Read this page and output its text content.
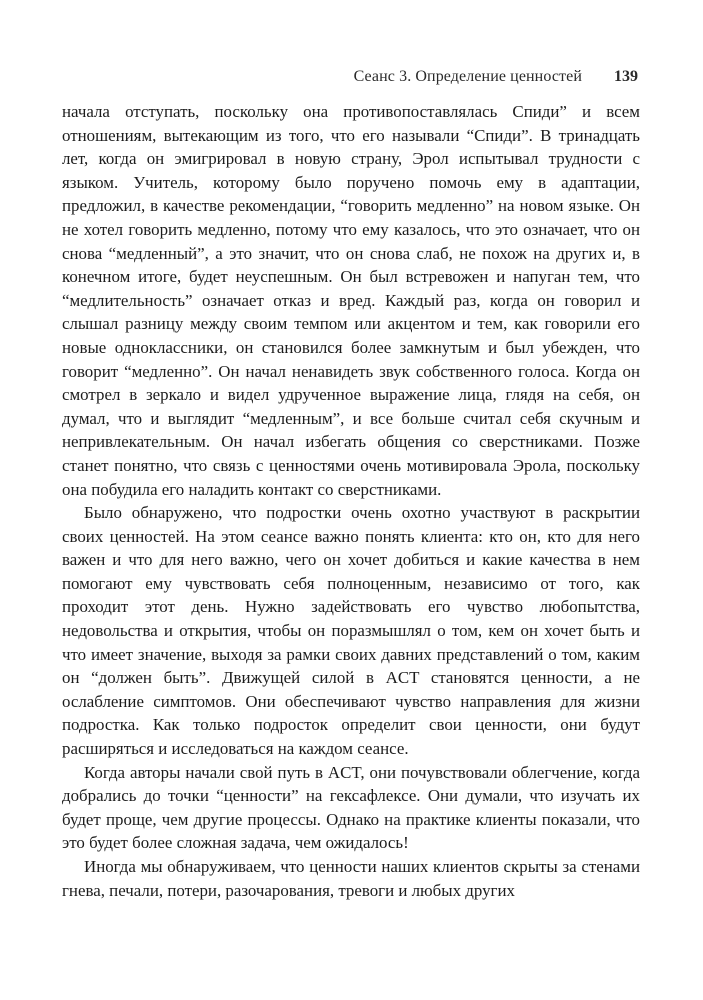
Сеанс 3. Определение ценностей 139

начала отступать, поскольку она противопоставлялась Спиди” и всем отношениям, вытекающим из того, что его называли “Спиди”. В тринадцать лет, когда он эмигрировал в новую страну, Эрол испытывал трудности с языком. Учитель, которому было поручено помочь ему в адаптации, предложил, в качестве рекомендации, “говорить медленно” на новом языке. Он не хотел говорить медленно, потому что ему казалось, что это означает, что он снова “медленный”, а это значит, что он снова слаб, не похож на других и, в конечном итоге, будет неуспешным. Он был встревожен и напуган тем, что “медлительность” означает отказ и вред. Каждый раз, когда он говорил и слышал разницу между своим темпом или акцентом и тем, как говорили его новые одноклассники, он становился более замкнутым и был убежден, что говорит “медленно”. Он начал ненавидеть звук собственного голоса. Когда он смотрел в зеркало и видел удрученное выражение лица, глядя на себя, он думал, что и выглядит “медленным”, и все больше считал себя скучным и непривлекательным. Он начал избегать общения со сверстниками. Позже станет понятно, что связь с ценностями очень мотивировала Эрола, поскольку она побудила его наладить контакт со сверстниками.

Было обнаружено, что подростки очень охотно участвуют в раскрытии своих ценностей. На этом сеансе важно понять клиента: кто он, кто для него важен и что для него важно, чего он хочет добиться и какие качества в нем помогают ему чувствовать себя полноценным, независимо от того, как проходит этот день. Нужно задействовать его чувство любопытства, недовольства и открытия, чтобы он поразмышлял о том, кем он хочет быть и что имеет значение, выходя за рамки своих давних представлений о том, каким он “должен быть”. Движущей силой в ACT становятся ценности, а не ослабление симптомов. Они обеспечивают чувство направления для жизни подростка. Как только подросток определит свои ценности, они будут расширяться и исследоваться на каждом сеансе.

Когда авторы начали свой путь в ACT, они почувствовали облегчение, когда добрались до точки “ценности” на гексафлексе. Они думали, что изучать их будет проще, чем другие процессы. Однако на практике клиенты показали, что это будет более сложная задача, чем ожидалось!

Иногда мы обнаруживаем, что ценности наших клиентов скрыты за стенами гнева, печали, потери, разочарования, тревоги и любых других
